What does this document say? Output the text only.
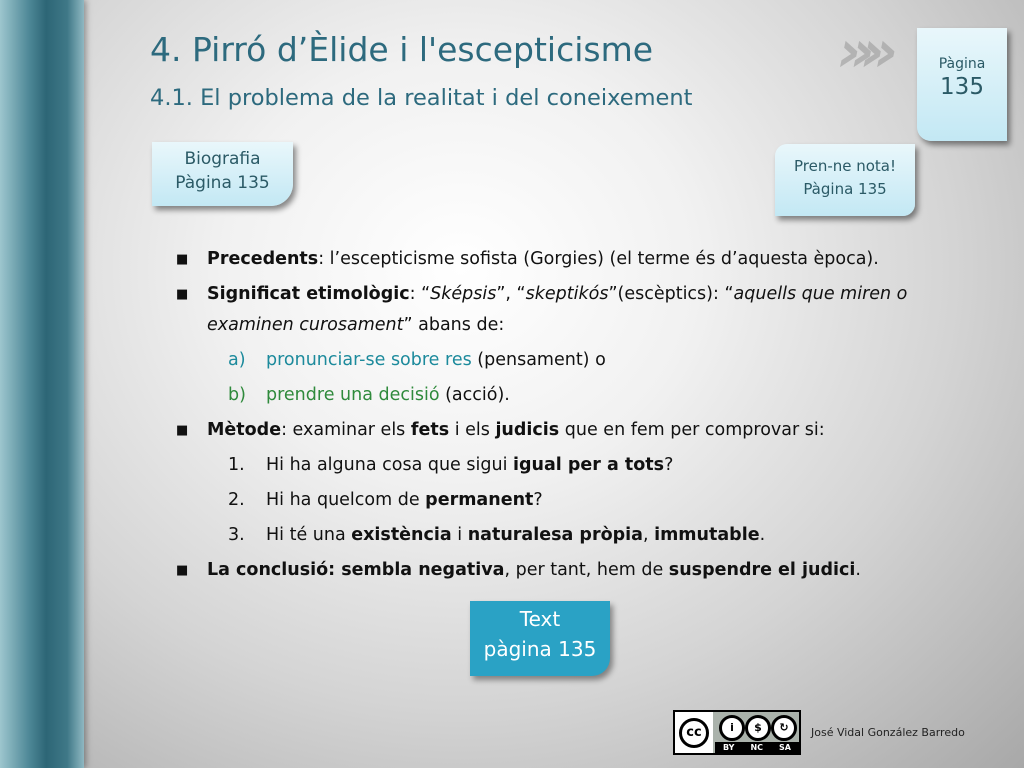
»»
4. Pirró d’Èlide i l'escepticisme
4.1. El problema de la realitat i del coneixement
Pàgina
135
Biografia
Pàgina 135
Pren-ne nota!
Pàgina 135
■ Precedents: l’escepticisme sofista (Gorgies) (el terme és d’aquesta època).
■ Significat etimològic: “Sképsis”, “skeptikós”(escèptics): “aquells que miren o examinen curosament” abans de:
a) pronunciar-se sobre res (pensament) o
b) prendre una decisió (acció).
■ Mètode: examinar els fets i els judicis que en fem per comprovar si:
1. Hi ha alguna cosa que sigui igual per a tots?
2. Hi ha quelcom de permanent?
3. Hi té una existència i naturalesa pròpia, immutable.
■ La conclusió: sembla negativa, per tant, hem de suspendre el judici.
Text
pàgina 135
cc	i	$	↻
BY NC SA
José Vidal González Barredo
